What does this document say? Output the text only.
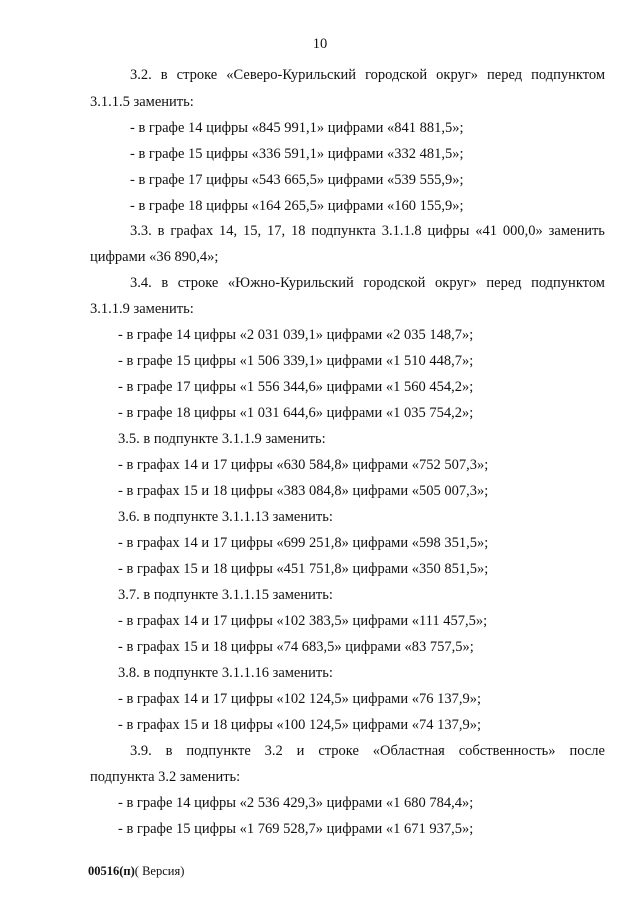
10
3.2. в строке «Северо-Курильский городской округ» перед подпунктом
3.1.1.5 заменить:
- в графе 14 цифры «845 991,1» цифрами «841 881,5»;
- в графе 15 цифры «336 591,1» цифрами «332 481,5»;
- в графе 17 цифры «543 665,5» цифрами «539 555,9»;
- в графе 18 цифры «164 265,5» цифрами «160 155,9»;
3.3. в графах 14, 15, 17, 18 подпункта 3.1.1.8 цифры «41 000,0» заменить
цифрами «36 890,4»;
3.4. в строке «Южно-Курильский городской округ» перед подпунктом
3.1.1.9 заменить:
- в графе 14 цифры «2 031 039,1» цифрами «2 035 148,7»;
- в графе 15 цифры «1 506 339,1» цифрами «1 510 448,7»;
- в графе 17 цифры «1 556 344,6» цифрами «1 560 454,2»;
- в графе 18 цифры «1 031 644,6» цифрами «1 035 754,2»;
3.5. в подпункте 3.1.1.9 заменить:
- в графах 14 и 17 цифры «630 584,8» цифрами «752 507,3»;
- в графах 15 и 18 цифры «383 084,8» цифрами «505 007,3»;
3.6. в подпункте 3.1.1.13 заменить:
- в графах 14 и 17 цифры «699 251,8» цифрами «598 351,5»;
- в графах 15 и 18 цифры «451 751,8» цифрами «350 851,5»;
3.7. в подпункте 3.1.1.15 заменить:
- в графах 14 и 17 цифры «102 383,5» цифрами «111 457,5»;
- в графах 15 и 18 цифры «74 683,5» цифрами «83 757,5»;
3.8. в подпункте 3.1.1.16 заменить:
- в графах 14 и 17 цифры «102 124,5» цифрами «76 137,9»;
- в графах 15 и 18 цифры «100 124,5» цифрами «74 137,9»;
3.9. в подпункте 3.2 и строке «Областная собственность» после
подпункта 3.2 заменить:
- в графе 14 цифры «2 536 429,3» цифрами «1 680 784,4»;
- в графе 15 цифры «1 769 528,7» цифрами «1 671 937,5»;
00516(п)( Версия)
